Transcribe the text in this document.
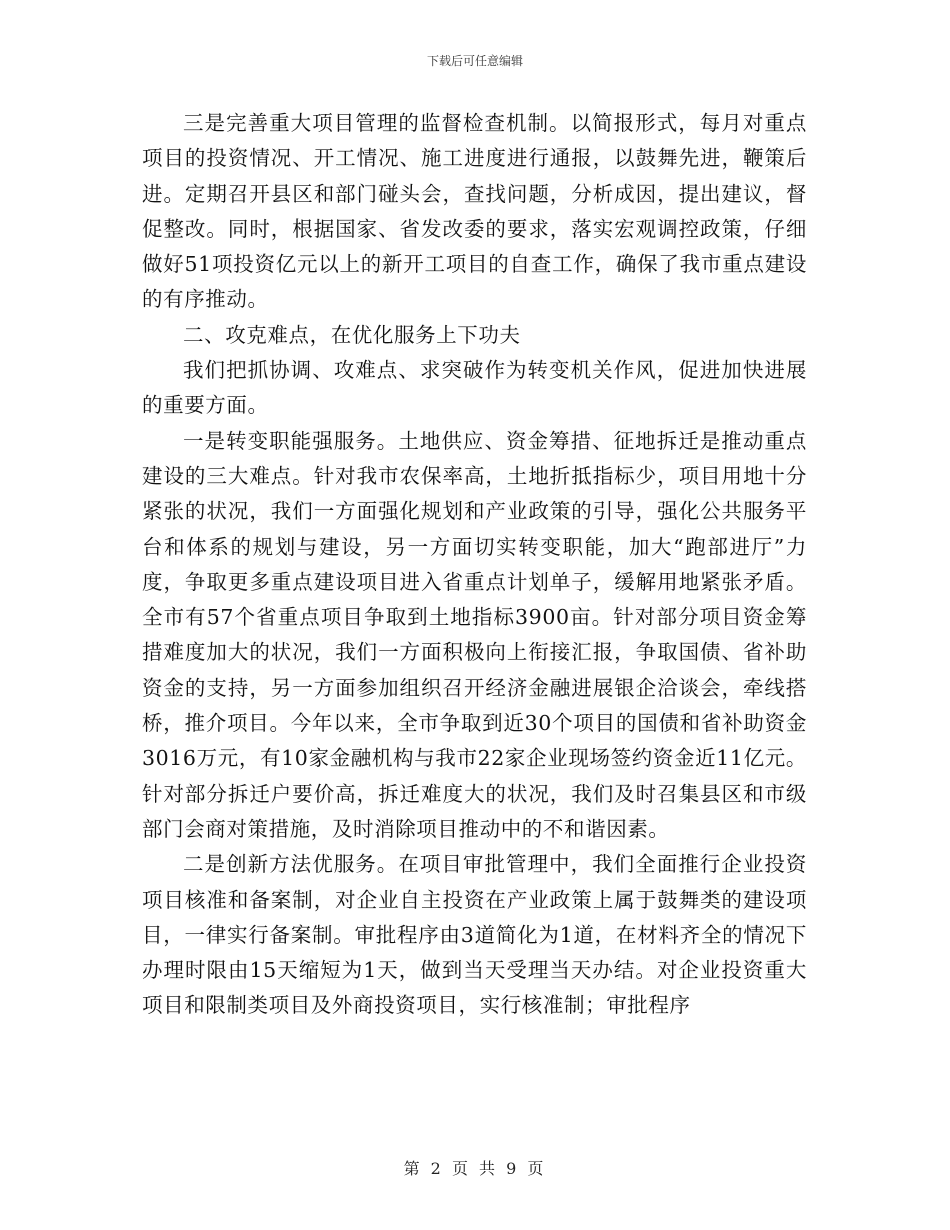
下载后可任意编辑

三是完善重大项目管理的监督检查机制。以简报形式，每月对重点项目的投资情况、开工情况、施工进度进行通报，以鼓舞先进，鞭策后进。定期召开县区和部门碰头会，查找问题，分析成因，提出建议，督促整改。同时，根据国家、省发改委的要求，落实宏观调控政策，仔细做好51项投资亿元以上的新开工项目的自查工作，确保了我市重点建设的有序推动。

二、攻克难点，在优化服务上下功夫

我们把抓协调、攻难点、求突破作为转变机关作风，促进加快进展的重要方面。

一是转变职能强服务。土地供应、资金筹措、征地拆迁是推动重点建设的三大难点。针对我市农保率高，土地折抵指标少，项目用地十分紧张的状况，我们一方面强化规划和产业政策的引导，强化公共服务平台和体系的规划与建设，另一方面切实转变职能，加大“跑部进厅”力度，争取更多重点建设项目进入省重点计划单子，缓解用地紧张矛盾。全市有57个省重点项目争取到土地指标3900亩。针对部分项目资金筹措难度加大的状况，我们一方面积极向上衔接汇报，争取国债、省补助资金的支持，另一方面参加组织召开经济金融进展银企洽谈会，牵线搭桥，推介项目。今年以来，全市争取到近30个项目的国债和省补助资金3016万元，有10家金融机构与我市22家企业现场签约资金近11亿元。针对部分拆迁户要价高，拆迁难度大的状况，我们及时召集县区和市级部门会商对策措施，及时消除项目推动中的不和谐因素。

二是创新方法优服务。在项目审批管理中，我们全面推行企业投资项目核准和备案制，对企业自主投资在产业政策上属于鼓舞类的建设项目，一律实行备案制。审批程序由3道简化为1道，在材料齐全的情况下办理时限由15天缩短为1天，做到当天受理当天办结。对企业投资重大项目和限制类项目及外商投资项目，实行核准制；审批程序

第 2 页 共 9 页
